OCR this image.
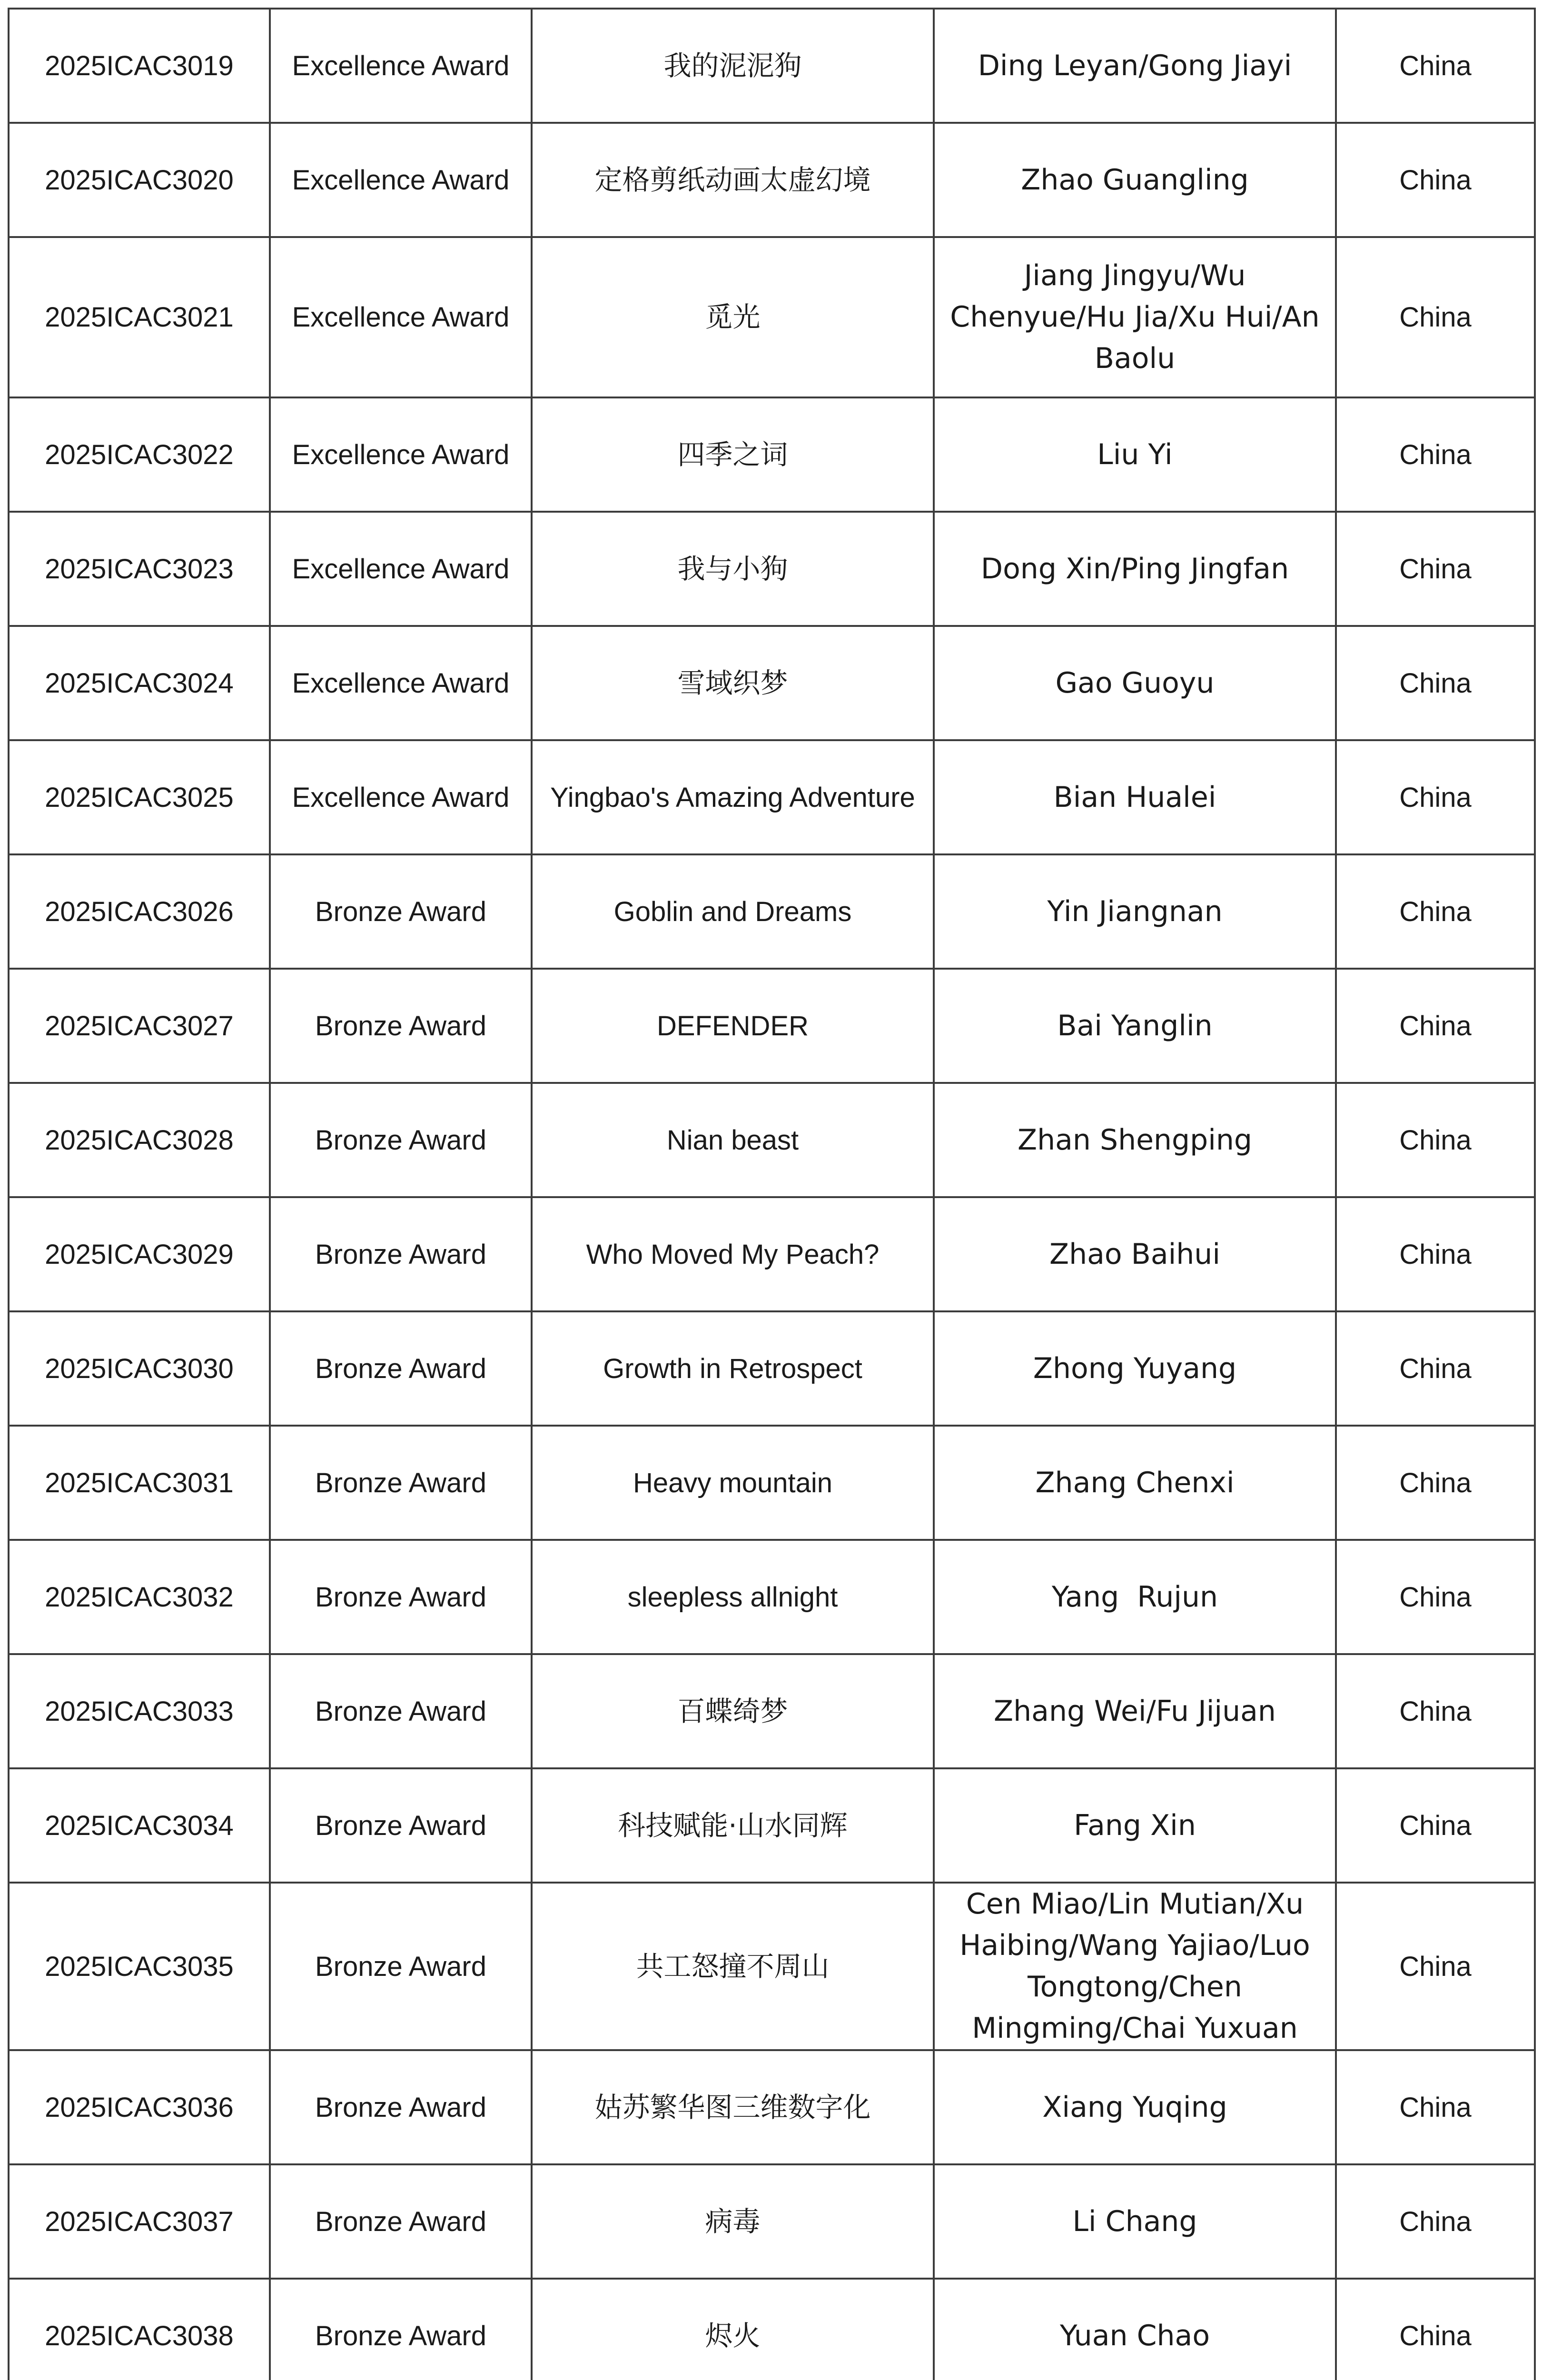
2025ICAC3019	Excellence Award	我的泥泥狗	Ding Leyan/Gong Jiayi	China
2025ICAC3020	Excellence Award	定格剪纸动画太虚幻境	Zhao Guangling	China
2025ICAC3021	Excellence Award	觅光	Jiang Jingyu/Wu Chenyue/Hu Jia/Xu Hui/An Baolu	China
2025ICAC3022	Excellence Award	四季之词	Liu Yi	China
2025ICAC3023	Excellence Award	我与小狗	Dong Xin/Ping Jingfan	China
2025ICAC3024	Excellence Award	雪域织梦	Gao Guoyu	China
2025ICAC3025	Excellence Award	Yingbao's Amazing Adventure	Bian Hualei	China
2025ICAC3026	Bronze Award	Goblin and Dreams	Yin Jiangnan	China
2025ICAC3027	Bronze Award	DEFENDER	Bai Yanglin	China
2025ICAC3028	Bronze Award	Nian beast	Zhan Shengping	China
2025ICAC3029	Bronze Award	Who Moved My Peach?	Zhao Baihui	China
2025ICAC3030	Bronze Award	Growth in Retrospect	Zhong Yuyang	China
2025ICAC3031	Bronze Award	Heavy mountain	Zhang Chenxi	China
2025ICAC3032	Bronze Award	sleepless allnight	Yang  Rujun	China
2025ICAC3033	Bronze Award	百蝶绮梦	Zhang Wei/Fu Jijuan	China
2025ICAC3034	Bronze Award	科技赋能·山水同辉	Fang Xin	China
2025ICAC3035	Bronze Award	共工怒撞不周山	Cen Miao/Lin Mutian/Xu Haibing/Wang Yajiao/Luo Tongtong/Chen Mingming/Chai Yuxuan	China
2025ICAC3036	Bronze Award	姑苏繁华图三维数字化	Xiang Yuqing	China
2025ICAC3037	Bronze Award	病毒	Li Chang	China
2025ICAC3038	Bronze Award	烬火	Yuan Chao	China
